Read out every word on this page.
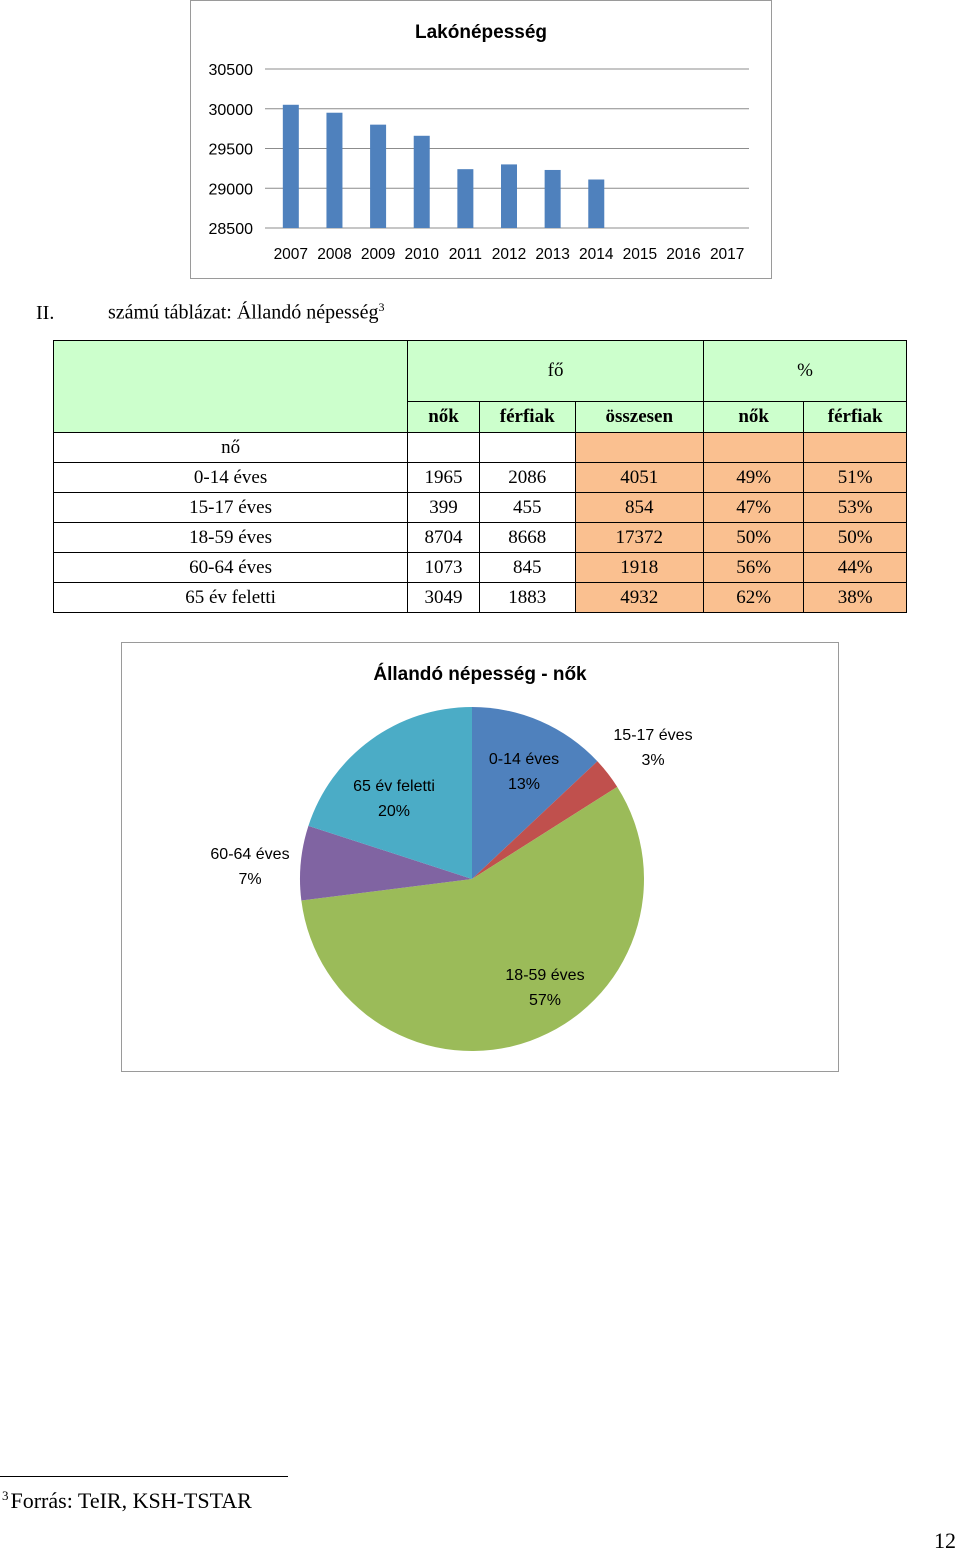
Lakónépesség
28500
29000
29500
30000
30500
2007 2008 2009 2010 2011 2012 2013 2014 2015 2016 2017
II.	számú táblázat: Állandó népesség$^3$
	fő			%	
	nők	férfiak	összesen	nők	férfiak
nő					
0-14 éves	1965	2086	4051	49%	51%
15-17 éves	399	455	854	47%	53%
18-59 éves	8704	8668	17372	50%	50%
60-64 éves	1073	845	1918	56%	44%
65 év feletti	3049	1883	4932	62%	38%
Állandó népesség - nők
0-14 éves
13%
15-17 éves
3%
18-59 éves
57%
60-64 éves
7%
65 év feletti
20%
$^3$Forrás: TeIR, KSH-TSTAR
12
